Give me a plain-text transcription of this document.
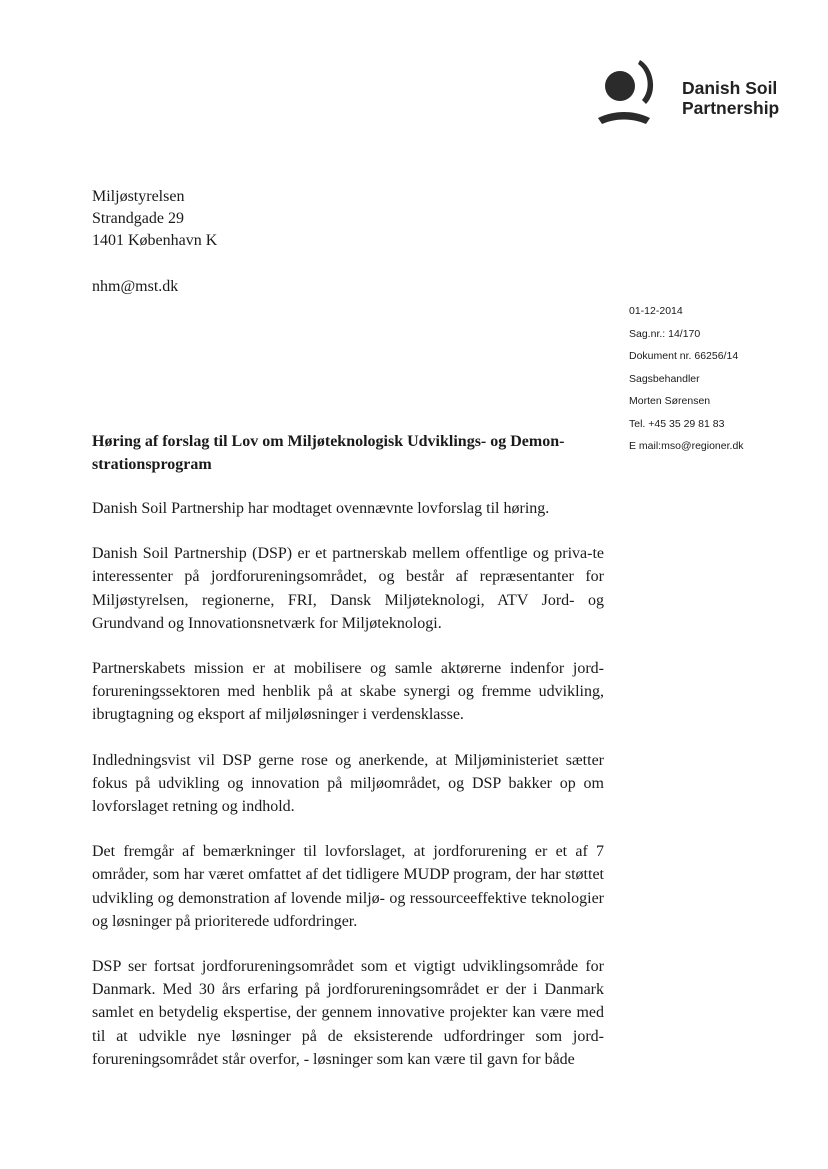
Danish Soil
Partnership
Miljøstyrelsen
Strandgade 29
1401 København K
nhm@mst.dk
01-12-2014
Sag.nr.: 14/170
Dokument nr. 66256/14
Sagsbehandler
Morten Sørensen
Tel. +45 35 29 81 83
E mail:mso@regioner.dk
Høring af forslag til Lov om Miljøteknologisk Udviklings- og Demon-strationsprogram

Danish Soil Partnership har modtaget ovennævnte lovforslag til høring.

Danish Soil Partnership (DSP) er et partnerskab mellem offentlige og priva-te interessenter på jordforureningsområdet, og består af repræsentanter for Miljøstyrelsen, regionerne, FRI, Dansk Miljøteknologi, ATV Jord- og Grundvand og Innovationsnetværk for Miljøteknologi.

Partnerskabets mission er at mobilisere og samle aktørerne indenfor jord-forureningssektoren med henblik på at skabe synergi og fremme udvikling, ibrugtagning og eksport af miljøløsninger i verdensklasse.

Indledningsvist vil DSP gerne rose og anerkende, at Miljøministeriet sætter fokus på udvikling og innovation på miljøområdet, og DSP bakker op om lovforslaget retning og indhold.

Det fremgår af bemærkninger til lovforslaget, at jordforurening er et af 7 områder, som har været omfattet af det tidligere MUDP program, der har støttet udvikling og demonstration af lovende miljø- og ressourceeffektive teknologier og løsninger på prioriterede udfordringer.

DSP ser fortsat jordforureningsområdet som et vigtigt udviklingsområde for Danmark. Med 30 års erfaring på jordforureningsområdet er der i Danmark samlet en betydelig ekspertise, der gennem innovative projekter kan være med til at udvikle nye løsninger på de eksisterende udfordringer som jord-forureningsområdet står overfor, - løsninger som kan være til gavn for både
